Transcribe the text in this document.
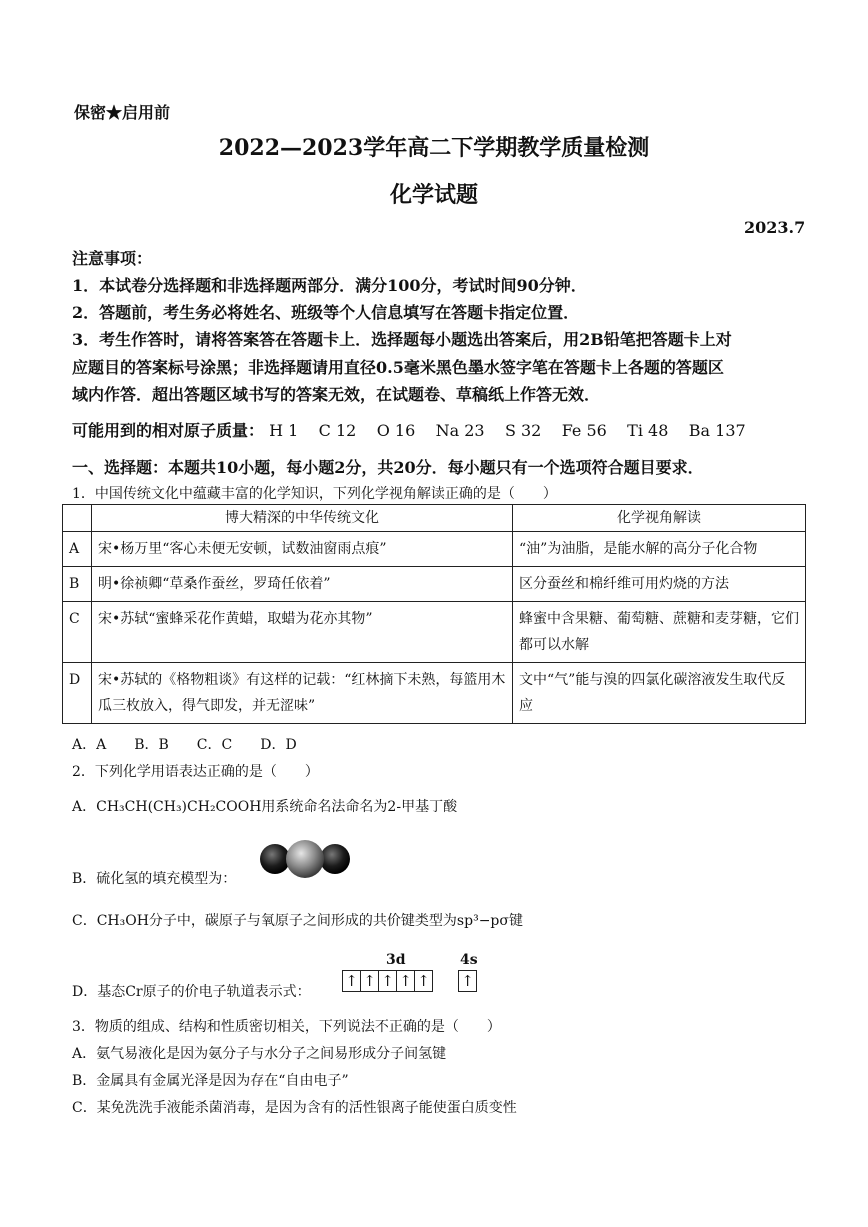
保密★启用前
2022—2023学年高二下学期教学质量检测
化学试题
2023.7
注意事项：
1．本试卷分选择题和非选择题两部分．满分100分，考试时间90分钟．
2．答题前，考生务必将姓名、班级等个人信息填写在答题卡指定位置．
3．考生作答时，请将答案答在答题卡上．选择题每小题选出答案后，用2B铅笔把答题卡上对
应题目的答案标号涂黑；非选择题请用直径0.5毫米黑色墨水签字笔在答题卡上各题的答题区
域内作答．超出答题区域书写的答案无效，在试题卷、草稿纸上作答无效．
可能用到的相对原子质量： H 1    C 12    O 16    Na 23    S 32    Fe 56    Ti 48    Ba 137
一、选择题：本题共10小题，每小题2分，共20分．每小题只有一个选项符合题目要求．
1．中国传统文化中蕴藏丰富的化学知识，下列化学视角解读正确的是（　　）
	博大精深的中华传统文化	化学视角解读
A	宋•杨万里“客心未便无安顿，试数油窗雨点痕”	“油”为油脂，是能水解的高分子化合物
B	明•徐祯卿“草桑作蚕丝，罗琦任依着”	区分蚕丝和棉纤维可用灼烧的方法
C	宋•苏轼“蜜蜂采花作黄蜡，取蜡为花亦其物”	蜂蜜中含果糖、葡萄糖、蔗糖和麦芽糖，它们都可以水解
D	宋•苏轼的《格物粗谈》有这样的记载：“红林摘下未熟，每篮用木瓜三枚放入，得气即发，并无涩味”	文中“气”能与溴的四氯化碳溶液发生取代反应
A．A　　B．B　　C．C　　D．D
2．下列化学用语表达正确的是（　　）
A．CH₃CH(CH₃)CH₂COOH用系统命名法命名为2-甲基丁酸
B．硫化氢的填充模型为：
C．CH₃OH分子中，碳原子与氧原子之间形成的共价键类型为sp³−pσ键
3d	4s
D．基态Cr原子的价电子轨道表示式：
↑ ↑ ↑ ↑ ↑ ↑
3．物质的组成、结构和性质密切相关，下列说法不正确的是（　　）
A．氨气易液化是因为氨分子与水分子之间易形成分子间氢键
B．金属具有金属光泽是因为存在“自由电子”
C．某免洗洗手液能杀菌消毒，是因为含有的活性银离子能使蛋白质变性
